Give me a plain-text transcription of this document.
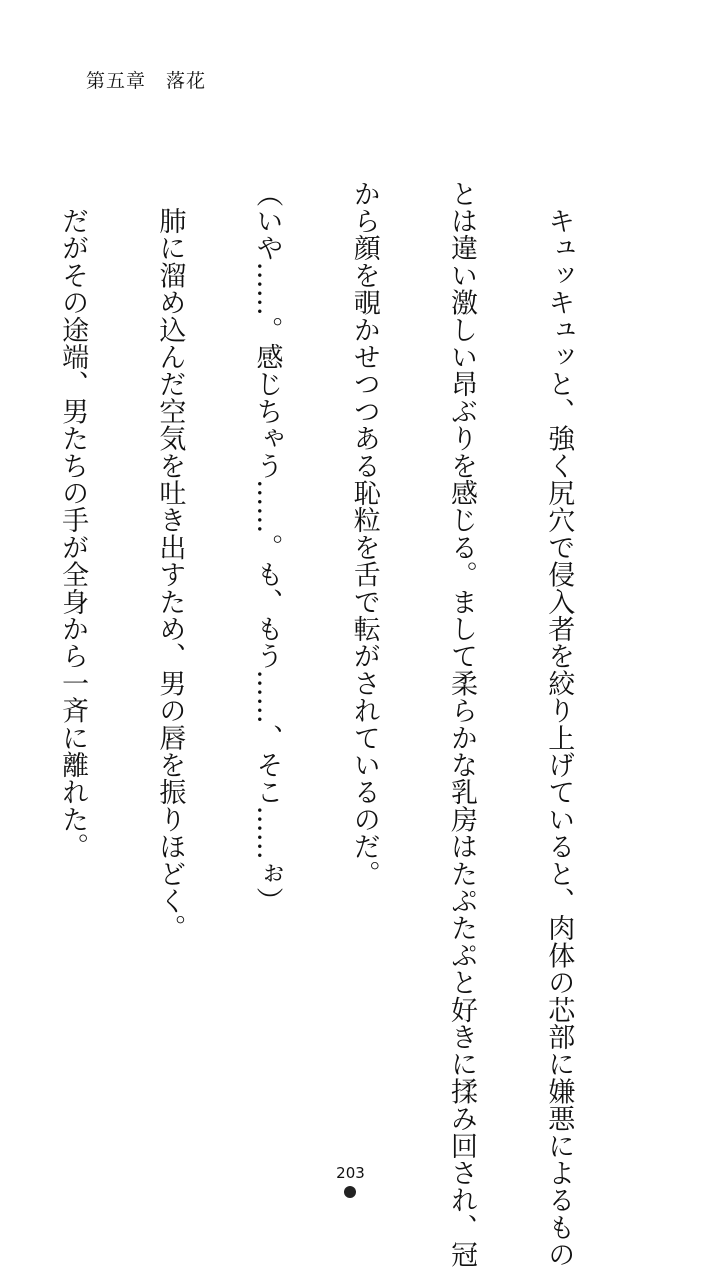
第五章　落花

　キュッキュッと、強く尻穴で侵入者を絞り上げていると、肉体の芯部に嫌悪によるもの

とは違い激しい昂ぶりを感じる。まして柔らかな乳房はたぷたぷと好きに揉み回され、冠

から顔を覗かせつつある恥粒を舌で転がされているのだ。

（いや……。感じちゃう……。も、もう……、そこ……ぉ）

　肺に溜め込んだ空気を吐き出すため、男の唇を振りほどく。

　だがその途端、男たちの手が全身から一斉に離れた。

203
